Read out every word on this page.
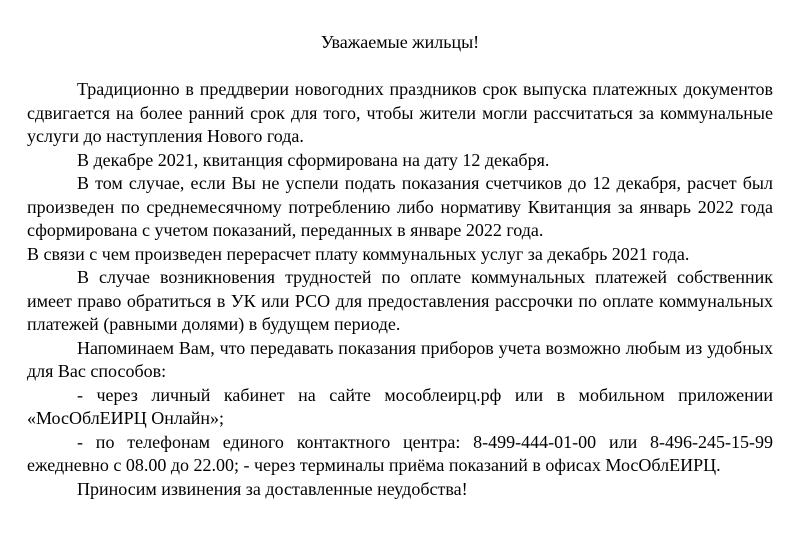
Уважаемые жильцы!

Традиционно в преддверии новогодних праздников срок выпуска платежных документов сдвигается на более ранний срок для того, чтобы жители могли рассчитаться за коммунальные услуги до наступления Нового года.

В декабре 2021, квитанция сформирована на дату 12 декабря.

В том случае, если Вы не успели подать показания счетчиков до 12 декабря, расчет был произведен по среднемесячному потреблению либо нормативу Квитанция за январь 2022 года сформирована с учетом показаний, переданных в январе 2022 года.

В связи с чем произведен перерасчет плату коммунальных услуг за декабрь 2021 года.

В случае возникновения трудностей по оплате коммунальных платежей собственник имеет право обратиться в УК или РСО для предоставления рассрочки по оплате коммунальных платежей (равными долями) в будущем периоде.

Напоминаем Вам, что передавать показания приборов учета возможно любым из удобных для Вас способов:

- через личный кабинет на сайте мособлеирц.рф или в мобильном приложении «МосОблЕИРЦ Онлайн»;

- по телефонам единого контактного центра: 8-499-444-01-00 или 8-496-245-15-99 ежедневно с 08.00 до 22.00; - через терминалы приёма показаний в офисах МосОблЕИРЦ.

Приносим извинения за доставленные неудобства!
